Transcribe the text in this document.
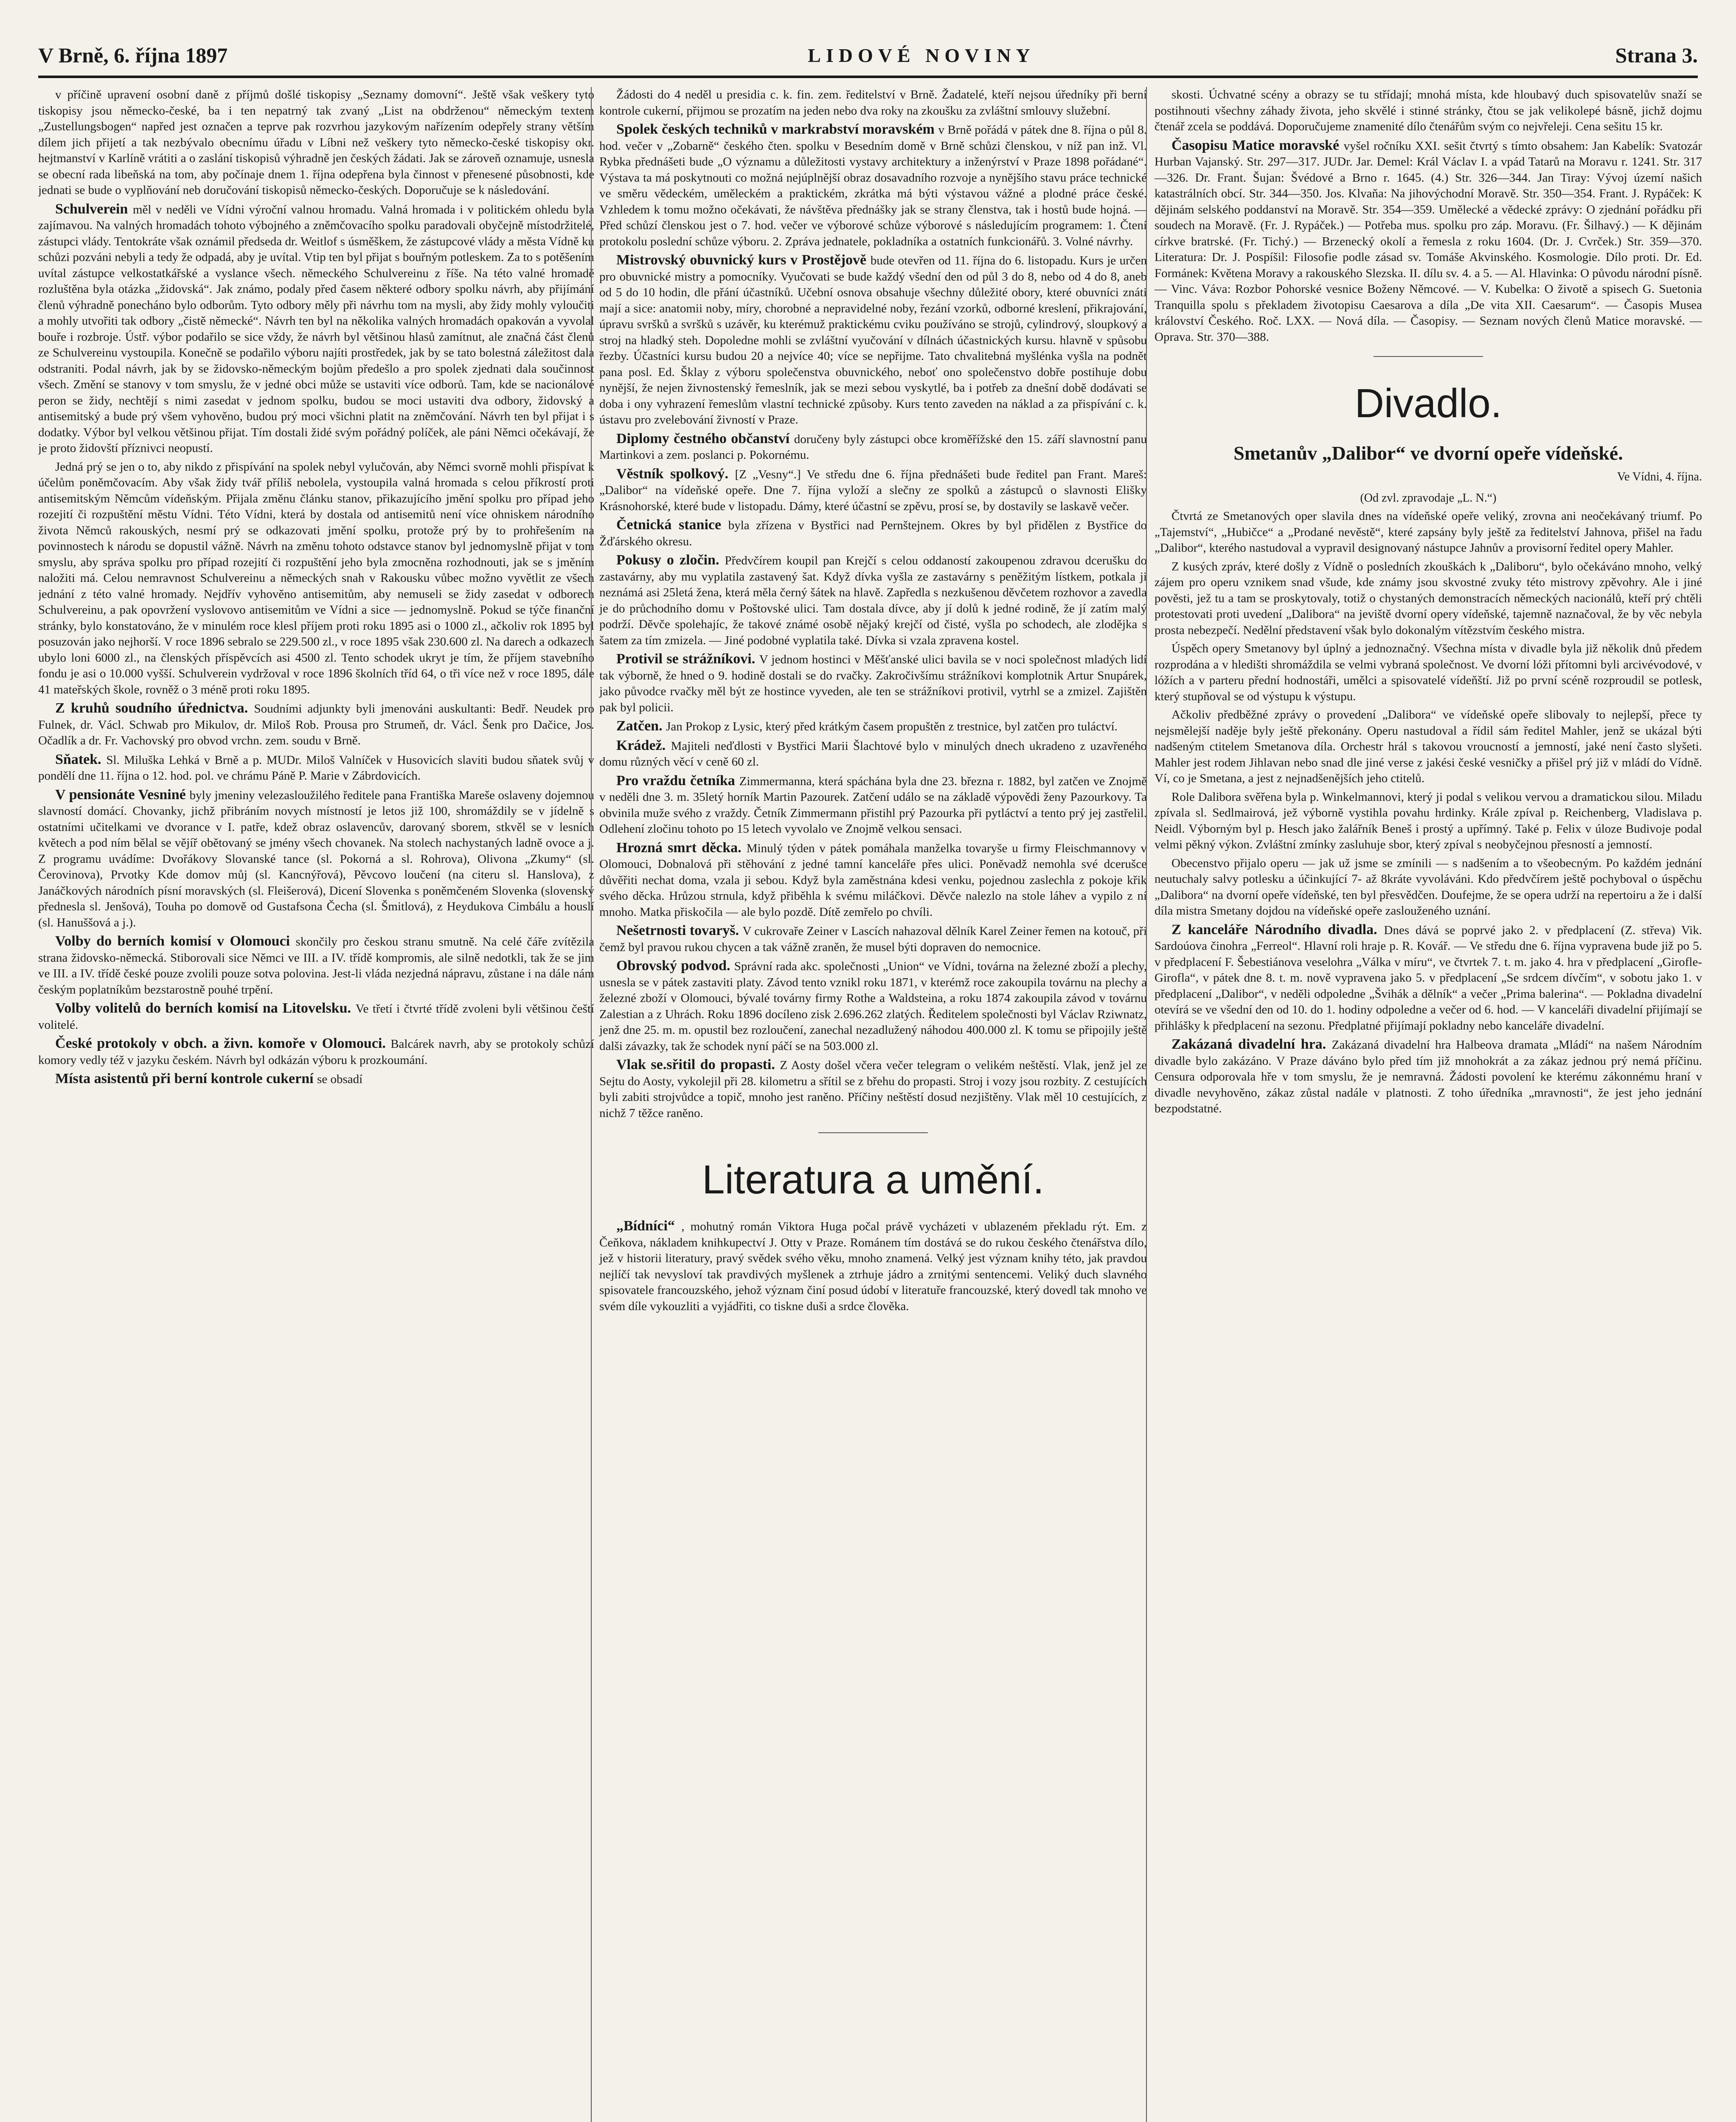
V Brně, 6. října 1897	LIDOVÉ NOVINY	Strana 3.

v příčině upravení osobní daně z příjmů došlé tiskopisy „Seznamy domovní“. Ještě však veškery tyto tiskopisy jsou německo-české, ba i ten nepatrný tak zvaný „List na obdrženou“ německým textem „Zustellungsbogen“ napřed jest označen a teprve pak rozvrhou jazykovým nařízením odepřely strany větším dílem jich přijetí a tak nezbývalo obecnímu úřadu v Líbni než veškery tyto německo-české tiskopisy okr. hejtmanství v Karlíně vrátiti a o zaslání tiskopisů výhradně jen českých žádati. Jak se zároveň oznamuje, usnesla se obecní rada libeňská na tom, aby počínaje dnem 1. října odepřena byla činnost v přenesené působnosti, kde jednati se bude o vyplňování neb doručování tiskopisů německo-českých. Doporučuje se k následování.

Schulverein měl v neděli ve Vídni výroční valnou hromadu. Valná hromada i v politickém ohledu byla zajímavou. Na valných hromadách tohoto výbojného a zněmčovacího spolku paradovali obyčejně místodržitelé, zástupci vlády. Tentokráte však oznámil předseda dr. Weitlof s úsměškem, že zástupcové vlády a města Vídně ku schůzi pozváni nebyli a tedy že odpadá, aby je uvítal. Vtip ten byl přijat s bouřným potleskem. Za to s potěšením uvítal zástupce velkostatkářské a vyslance všech. německého Schulvereinu z říše. Na této valné hromadě rozluštěna byla otázka „židovská“. Jak známo, podaly před časem některé odbory spolku návrh, aby přijímání členů výhradně ponecháno bylo odborům. Tyto odbory měly při návrhu tom na mysli, aby židy mohly vyloučiti a mohly utvořiti tak odbory „čistě německé“. Návrh ten byl na několika valných hromadách opakován a vyvolal bouře i rozbroje. Ústř. výbor podařilo se sice vždy, že návrh byl většinou hlasů zamítnut, ale značná část členů ze Schulvereinu vystoupila. Konečně se podařilo výboru najíti prostředek, jak by se tato bolestná záležitost dala odstraniti. Podal návrh, jak by se židovsko-německým bojům předešlo a pro spolek zjednati dala součinnost všech. Změní se stanovy v tom smyslu, že v jedné obci může se ustaviti více odborů. Tam, kde se nacionálové peron se židy, nechtějí s nimi zasedat v jednom spolku, budou se moci ustaviti dva odbory, židovský a antisemitský a bude prý všem vyhověno, budou prý moci všichni platit na zněmčování. Návrh ten byl přijat i s dodatky. Výbor byl velkou většinou přijat. Tím dostali židé svým pořádný políček, ale páni Němci očekávají, že je proto židovští příznivci neopustí.

Jedná prý se jen o to, aby nikdo z přispívání na spolek nebyl vylučován, aby Němci svorně mohli přispívat k účelům poněmčovacím. Aby však židy tvář příliš nebolela, vystoupila valná hromada s celou příkrostí proti antisemitským Němcům vídeňským. Přijala změnu článku stanov, přikazujícího jmění spolku pro případ jeho rozejití či rozpuštění městu Vídni. Této Vídni, která by dostala od antisemitů není více ohniskem národního života Němců rakouských, nesmí prý se odkazovati jmění spolku, protože prý by to prohřešením na povinnostech k národu se dopustil vážně. Návrh na změnu tohoto odstavce stanov byl jednomyslně přijat v tom smyslu, aby správa spolku pro případ rozejití či rozpuštění jeho byla zmocněna rozhodnouti, jak se s jměním naložiti má. Celou nemravnost Schulvereinu a německých snah v Rakousku vůbec možno vyvětlit ze všech jednání z této valné hromady. Nejdřív vyhověno antisemitům, aby nemuseli se židy zasedat v odborech Schulvereinu, a pak opovržení vyslovovo antisemitům ve Vídni a sice — jednomyslně. Pokud se týče finanční stránky, bylo konstatováno, že v minulém roce klesl příjem proti roku 1895 asi o 1000 zl., ačkoliv rok 1895 byl posuzován jako nejhorší. V roce 1896 sebralo se 229.500 zl., v roce 1895 však 230.600 zl. Na darech a odkazech ubylo loni 6000 zl., na členských příspěvcích asi 4500 zl. Tento schodek ukryt je tím, že příjem stavebního fondu je asi o 10.000 vyšší. Schulverein vydržoval v roce 1896 školních tříd 64, o tři více než v roce 1895, dále 41 mateřských škole, rovněž o 3 méně proti roku 1895.

Z kruhů soudního úřednictva. Soudními adjunkty byli jmenováni auskultanti: Bedř. Neudek pro Fulnek, dr. Václ. Schwab pro Mikulov, dr. Miloš Rob. Prousa pro Strumeň, dr. Václ. Šenk pro Dačice, Jos. Očadlík a dr. Fr. Vachovský pro obvod vrchn. zem. soudu v Brně.

Sňatek. Sl. Miluška Lehká v Brně a p. MUDr. Miloš Valníček v Husovicích slaviti budou sňatek svůj v pondělí dne 11. října o 12. hod. pol. ve chrámu Páně P. Marie v Zábrdovicích.

V pensionáte Vesniné byly jmeniny velezasloužilého ředitele pana Františka Mareše oslaveny dojemnou slavností domácí. Chovanky, jichž přibráním novych místností je letos již 100, shromáždily se v jídelně s ostatními učitelkami ve dvorance v I. patře, kdež obraz oslavencův, darovaný sborem, stkvěl se v lesních květech a pod ním bělal se vějíř obětovaný se jmény všech chovanek. Na stolech nachystaných ladně ovoce a j. Z programu uvádíme: Dvořákovy Slovanské tance (sl. Pokorná a sl. Rohrova), Olivona „Zkumy“ (sl. Čerovinova), Prvotky Kde domov můj (sl. Kancnýřová), Pěvcovo loučení (na citeru sl. Hanslova), z Janáčkových národních písní moravských (sl. Fleišerová), Dicení Slovenka s poněmčeném Slovenka (slovenský přednesla sl. Jenšová), Touha po domově od Gustafsona Čecha (sl. Šmitlová), z Heydukova Cimbálu a houslí (sl. Hanuššová a j.).

Volby do berních komisí v Olomouci skončily pro českou stranu smutně. Na celé čáře zvítězila strana židovsko-německá. Stiborovali sice Němci ve III. a IV. třídě kompromis, ale silně nedotkli, tak že se jim ve III. a IV. třídě české pouze zvolili pouze sotva polovina. Jest-li vláda nezjedná nápravu, zůstane i na dále nám českým poplatníkům bezstarostně pouhé trpění.

Volby volitelů do berních komisí na Litovelsku. Ve třetí i čtvrté třídě zvoleni byli většinou čeští volitelé.

České protokoly v obch. a živn. komoře v Olomouci. Balcárek navrh, aby se protokoly schůzí komory vedly též v jazyku českém. Návrh byl odkázán výboru k prozkoumání.

Místa asistentů při berní kontrole cukerní se obsadí

Žádosti do 4 neděl u presidia c. k. fin. zem. ředitelství v Brně. Žadatelé, kteří nejsou úředníky při berní kontrole cukerní, přijmou se prozatím na jeden nebo dva roky na zkoušku za zvláštní smlouvy služební.

Spolek českých techniků v markrabství moravském v Brně pořádá v pátek dne 8. října o půl 8. hod. večer v „Zobarně“ českého čten. spolku v Besedním domě v Brně schůzi členskou, v níž pan inž. Vl. Rybka přednášeti bude „O významu a důležitosti vystavy architektury a inženýrství v Praze 1898 pořádané“. Výstava ta má poskytnouti co možná nejúplnější obraz dosavadního rozvoje a nynějšího stavu práce technické ve směru vědeckém, uměleckém a praktickém, zkrátka má býti výstavou vážné a plodné práce české. Vzhledem k tomu možno očekávati, že návštěva přednášky jak se strany členstva, tak i hostů bude hojná. — Před schůzí členskou jest o 7. hod. večer ve výborové schůze výborové s následujícím programem: 1. Čtení protokolu poslední schůze výboru. 2. Zpráva jednatele, pokladníka a ostatních funkcionářů. 3. Volné návrhy.

Mistrovský obuvnický kurs v Prostějově bude otevřen od 11. října do 6. listopadu. Kurs je určen pro obuvnické mistry a pomocníky. Vyučovati se bude každý všední den od půl 3 do 8, nebo od 4 do 8, aneb od 5 do 10 hodin, dle přání účastníků. Učební osnova obsahuje všechny důležité obory, které obuvníci znáti mají a sice: anatomii noby, míry, chorobné a nepravidelné noby, řezání vzorků, odborné kreslení, přikrajování, úpravu svršků a svršků s uzávěr, ku kterémuž praktickému cviku používáno se strojů, cylindrový, sloupkový a stroj na hladký steh. Dopoledne mohli se zvláštní vyučování v dílnách účastnických kursu. hlavně v spůsobu řezby. Účastníci kursu budou 20 a nejvíce 40; více se nepřijme. Tato chvalitebná myšlénka vyšla na podnět pana posl. Ed. Šklay z výboru společenstva obuvnického, neboť ono společenstvo dobře postihuje dobu nynější, že nejen živnostenský řemeslník, jak se mezi sebou vyskytlé, ba i potřeb za dnešní době dodávati se doba i ony vyhrazení řemeslům vlastní technické způsoby. Kurs tento zaveden na náklad a za přispívání c. k. ústavu pro zvelebování živností v Praze.

Diplomy čestného občanství doručeny byly zástupci obce kroměřížské den 15. září slavnostní panu Martinkovi a zem. poslanci p. Pokornému.

Věstník spolkový. [Z „Vesny“.] Ve středu dne 6. října přednášeti bude ředitel pan Frant. Mareš: „Dalibor“ na vídeňské opeře. Dne 7. října vyloží a slečny ze spolků a zástupců o slavnosti Elišky Krásnohorské, které bude v listopadu. Dámy, které účastní se zpěvu, prosí se, by dostavily se laskavě večer.

Četnická stanice byla zřízena v Bystřici nad Pernštejnem. Okres by byl přidělen z Bystřice do Žďárského okresu.

Pokusy o zločin. Předvčírem koupil pan Krejčí s celou oddaností zakoupenou zdravou dcerušku do zastavárny, aby mu vyplatila zastavený šat. Když dívka vyšla ze zastavárny s peněžitým lístkem, potkala ji neznámá asi 25letá žena, která měla černý šátek na hlavě. Zapředla s nezkušenou děvčetem rozhovor a zavedla je do průchodního domu v Poštovské ulici. Tam dostala dívce, aby jí dolů k jedné rodině, že jí zatím malý podrží. Děvče spolehajíc, že takové známé osobě nějaký krejčí od čisté, vyšla po schodech, ale zlodějka s šatem za tím zmizela. — Jiné podobné vyplatila také. Dívka si vzala zpravena kostel.

Protivil se strážníkovi. V jednom hostinci v Měšťanské ulici bavila se v noci společnost mladých lidí tak výborně, že hned o 9. hodině dostali se do rvačky. Zakročivšímu strážníkovi komplotnik Artur Snupárek, jako původce rvačky měl být ze hostince vyveden, ale ten se strážníkovi protivil, vytrhl se a zmizel. Zajištěn pak byl policii.

Zatčen. Jan Prokop z Lysic, který před krátkým časem propuštěn z trestnice, byl zatčen pro tuláctví.

Krádež. Majiteli neďdlosti v Bystřici Marii Šlachtové bylo v minulých dnech ukradeno z uzavřeného domu různých věcí v ceně 60 zl.

Pro vraždu četníka Zimmermanna, která spáchána byla dne 23. března r. 1882, byl zatčen ve Znojmě v neděli dne 3. m. 35letý horník Martin Pazourek. Zatčení událo se na základě výpovědi ženy Pazourkovy. Ta obvinila muže svého z vraždy. Četník Zimmermann přistihl prý Pazourka při pytláctví a tento prý jej zastřelil. Odlehení zločinu tohoto po 15 letech vyvolalo ve Znojmě velkou sensaci.

Hrozná smrt děcka. Minulý týden v pátek pomáhala manželka tovaryše u firmy Fleischmannovy v Olomouci, Dobnalová při stěhování z jedné tamní kanceláře přes ulici. Poněvadž nemohla své dcerušce důvěřiti nechat doma, vzala ji sebou. Když byla zaměstnána kdesi venku, pojednou zaslechla z pokoje křik svého děcka. Hrůzou strnula, když přiběhla k svému miláčkovi. Děvče nalezlo na stole láhev a vypilo z ní mnoho. Matka přiskočila — ale bylo pozdě. Dítě zemřelo po chvíli.

Nešetrnosti tovaryš. V cukrovaře Zeiner v Lascích nahazoval dělník Karel Zeiner řemen na kotouč, při čemž byl pravou rukou chycen a tak vážně zraněn, že musel býti dopraven do nemocnice.

Obrovský podvod. Správní rada akc. společnosti „Union“ ve Vídni, továrna na železné zboží a plechy, usnesla se v pátek zastaviti platy. Závod tento vznikl roku 1871, v kterémž roce zakoupila továrnu na plechy a železné zboží v Olomouci, bývalé továrny firmy Rothe a Waldsteina, a roku 1874 zakoupila závod v továrnu Zalestian a z Uhrách. Roku 1896 docíleno zisk 2.696.262 zlatých. Ředitelem společnosti byl Václav Rziwnatz, jenž dne 25. m. m. opustil bez rozloučení, zanechal nezadlužený náhodou 400.000 zl. K tomu se připojily ještě dalši závazky, tak že schodek nyní páčí se na 503.000 zl.

Vlak se.sřitil do propasti. Z Aosty došel včera večer telegram o velikém neštěstí. Vlak, jenž jel ze Sejtu do Aosty, vykolejil při 28. kilometru a sřítil se z břehu do propasti. Stroj i vozy jsou rozbity. Z cestujících byli zabiti strojvůdce a topič, mnoho jest raněno. Příčiny neštěstí dosud nezjištěny. Vlak měl 10 cestujících, z nichž 7 těžce raněno.

Literatura a umění.

„Bídníci“ , mohutný román Viktora Huga počal právě vycházeti v ublazeném překladu rýt. Em. z Čeňkova, nákladem knihkupectví J. Otty v Praze. Románem tím dostává se do rukou českého čtenářstva dílo, jež v historii literatury, pravý svědek svého věku, mnoho znamená. Velký jest význam knihy této, jak pravdou nejlíčí tak nevysloví tak pravdivých myšlenek a ztrhuje jádro a zrnitými sentencemi. Veliký duch slavného spisovatele francouzského, jehož význam činí posud údobí v literatuře francouzské, který dovedl tak mnoho ve svém díle vykouzliti a vyjádřiti, co tiskne duši a srdce člověka.

skosti. Úchvatné scény a obrazy se tu střídají; mnohá místa, kde hloubavý duch spisovatelův snaží se postihnouti všechny záhady života, jeho skvělé i stinné stránky, čtou se jak velikolepé básně, jichž dojmu čtenář zcela se poddává. Doporučujeme znamenité dílo čtenářům svým co nejvřeleji. Cena sešitu 15 kr.

Časopisu Matice moravské vyšel ročníku XXI. sešit čtvrtý s tímto obsahem: Jan Kabelík: Svatozár Hurban Vajanský. Str. 297—317. JUDr. Jar. Demel: Král Václav I. a vpád Tatarů na Moravu r. 1241. Str. 317—326. Dr. Frant. Šujan: Švédové a Brno r. 1645. (4.) Str. 326—344. Jan Tiray: Vývoj území našich katastrálních obcí. Str. 344—350. Jos. Klvaňa: Na jihovýchodní Moravě. Str. 350—354. Frant. J. Rypáček: K dějinám selského poddanství na Moravě. Str. 354—359. Umělecké a vědecké zprávy: O zjednání pořádku při soudech na Moravě. (Fr. J. Rypáček.) — Potřeba mus. spolku pro záp. Moravu. (Fr. Šilhavý.) — K dějinám církve bratrské. (Fr. Tichý.) — Brzenecký okolí a řemesla z roku 1604. (Dr. J. Cvrček.) Str. 359—370. Literatura: Dr. J. Pospíšil: Filosofie podle zásad sv. Tomáše Akvinského. Kosmologie. Dílo proti. Dr. Ed. Formánek: Květena Moravy a rakouského Slezska. II. dílu sv. 4. a 5. — Al. Hlavinka: O původu národní písně. — Vinc. Váva: Rozbor Pohorské vesnice Boženy Němcové. — V. Kubelka: O životě a spisech G. Suetonia Tranquilla spolu s překladem životopisu Caesarova a díla „De vita XII. Caesarum“. — Časopis Musea království Českého. Roč. LXX. — Nová díla. — Časopisy. — Seznam nových členů Matice moravské. — Oprava. Str. 370—388.

Divadlo.
Smetanův „Dalibor“ ve dvorní opeře vídeňské.
Ve Vídni, 4. října.
(Od zvl. zpravodaje „L. N.“)

Čtvrtá ze Smetanových oper slavila dnes na vídeňské opeře veliký, zrovna ani neočekávaný triumf. Po „Tajemství“, „Hubičce“ a „Prodané nevěstě“, které zapsány byly ještě za ředitelství Jahnova, přišel na řadu „Dalibor“, kterého nastudoval a vypravil designovaný nástupce Jahnův a provisorní ředitel opery Mahler.

Z kusých zpráv, které došly z Vídně o posledních zkouškách k „Daliboru“, bylo očekáváno mnoho, velký zájem pro operu vznikem snad všude, kde známy jsou skvostné zvuky této mistrovy zpěvohry. Ale i jiné pověsti, jež tu a tam se proskytovaly, totiž o chystaných demonstracích německých nacionálů, kteří prý chtěli protestovati proti uvedení „Dalibora“ na jeviště dvorní opery vídeňské, tajemně naznačoval, že by věc nebyla prosta nebezpečí. Nedělní představení však bylo dokonalým vítězstvím českého mistra.

Úspěch opery Smetanovy byl úplný a jednoznačný. Všechna místa v divadle byla již několik dnů předem rozprodána a v hledišti shromáždila se velmi vybraná společnost. Ve dvorní lóži přítomni byli arcivévodové, v lóžích a v parteru přední hodnostáři, umělci a spisovatelé vídeňští. Již po první scéně rozproudil se potlesk, který stupňoval se od výstupu k výstupu.

Ačkoliv předběžné zprávy o provedení „Dalibora“ ve vídeňské opeře slibovaly to nejlepší, přece ty nejsmělejší naděje byly ještě překonány. Operu nastudoval a řídil sám ředitel Mahler, jenž se ukázal býti nadšeným ctitelem Smetanova díla. Orchestr hrál s takovou vroucností a jemností, jaké není často slyšeti. Mahler jest rodem Jihlavan nebo snad dle jiné verse z jakési české vesničky a přišel prý již v mládí do Vídně. Ví, co je Smetana, a jest z nejnadšenějších jeho ctitelů.

Role Dalibora svěřena byla p. Winkelmannovi, který ji podal s velikou vervou a dramatickou silou. Miladu zpívala sl. Sedlmairová, jež výborně vystihla povahu hrdinky. Krále zpíval p. Reichenberg, Vladislava p. Neidl. Výborným byl p. Hesch jako žalářník Beneš i prostý a upřímný. Také p. Felix v úloze Budivoje podal velmi pěkný výkon. Zvláštní zmínky zasluhuje sbor, který zpíval s neobyčejnou přesností a jemností.

Obecenstvo přijalo operu — jak už jsme se zmínili — s nadšením a to všeobecným. Po každém jednání neutuchaly salvy potlesku a účinkující 7- až 8kráte vyvoláváni. Kdo předvčírem ještě pochyboval o úspěchu „Dalibora“ na dvorní opeře vídeňské, ten byl přesvědčen. Doufejme, že se opera udrží na repertoiru a že i další díla mistra Smetany dojdou na vídeňské opeře zaslouženého uznání.

Z kanceláře Národního divadla. Dnes dává se poprvé jako 2. v předplacení (Z. střeva) Vik. Sardoúova činohra „Ferreol“. Hlavní roli hraje p. R. Kovář. — Ve středu dne 6. října vypravena bude již po 5. v předplacení F. Šebestiánova veselohra „Válka v míru“, ve čtvrtek 7. t. m. jako 4. hra v předplacení „Girofle-Girofla“, v pátek dne 8. t. m. nově vypravena jako 5. v předplacení „Se srdcem dívčím“, v sobotu jako 1. v předplacení „Dalibor“, v neděli odpoledne „Švihák a dělník“ a večer „Prima balerina“. — Pokladna divadelní otevírá se ve všední den od 10. do 1. hodiny odpoledne a večer od 6. hod. — V kanceláři divadelní přijímají se přihlášky k předplacení na sezonu. Předplatné přijímají pokladny nebo kanceláře divadelní.

Zakázaná divadelní hra. Zakázaná divadelní hra Halbeova dramata „Mládí“ na našem Národním divadle bylo zakázáno. V Praze dáváno bylo před tím již mnohokrát a za zákaz jednou prý nemá příčinu. Censura odporovala hře v tom smyslu, že je nemravná. Žádosti povolení ke kterému zákonnému hraní v divadle nevyhověno, zákaz zůstal nadále v platnosti. Z toho úředníka „mravnosti“, že jest jeho jednání bezpodstatné.
